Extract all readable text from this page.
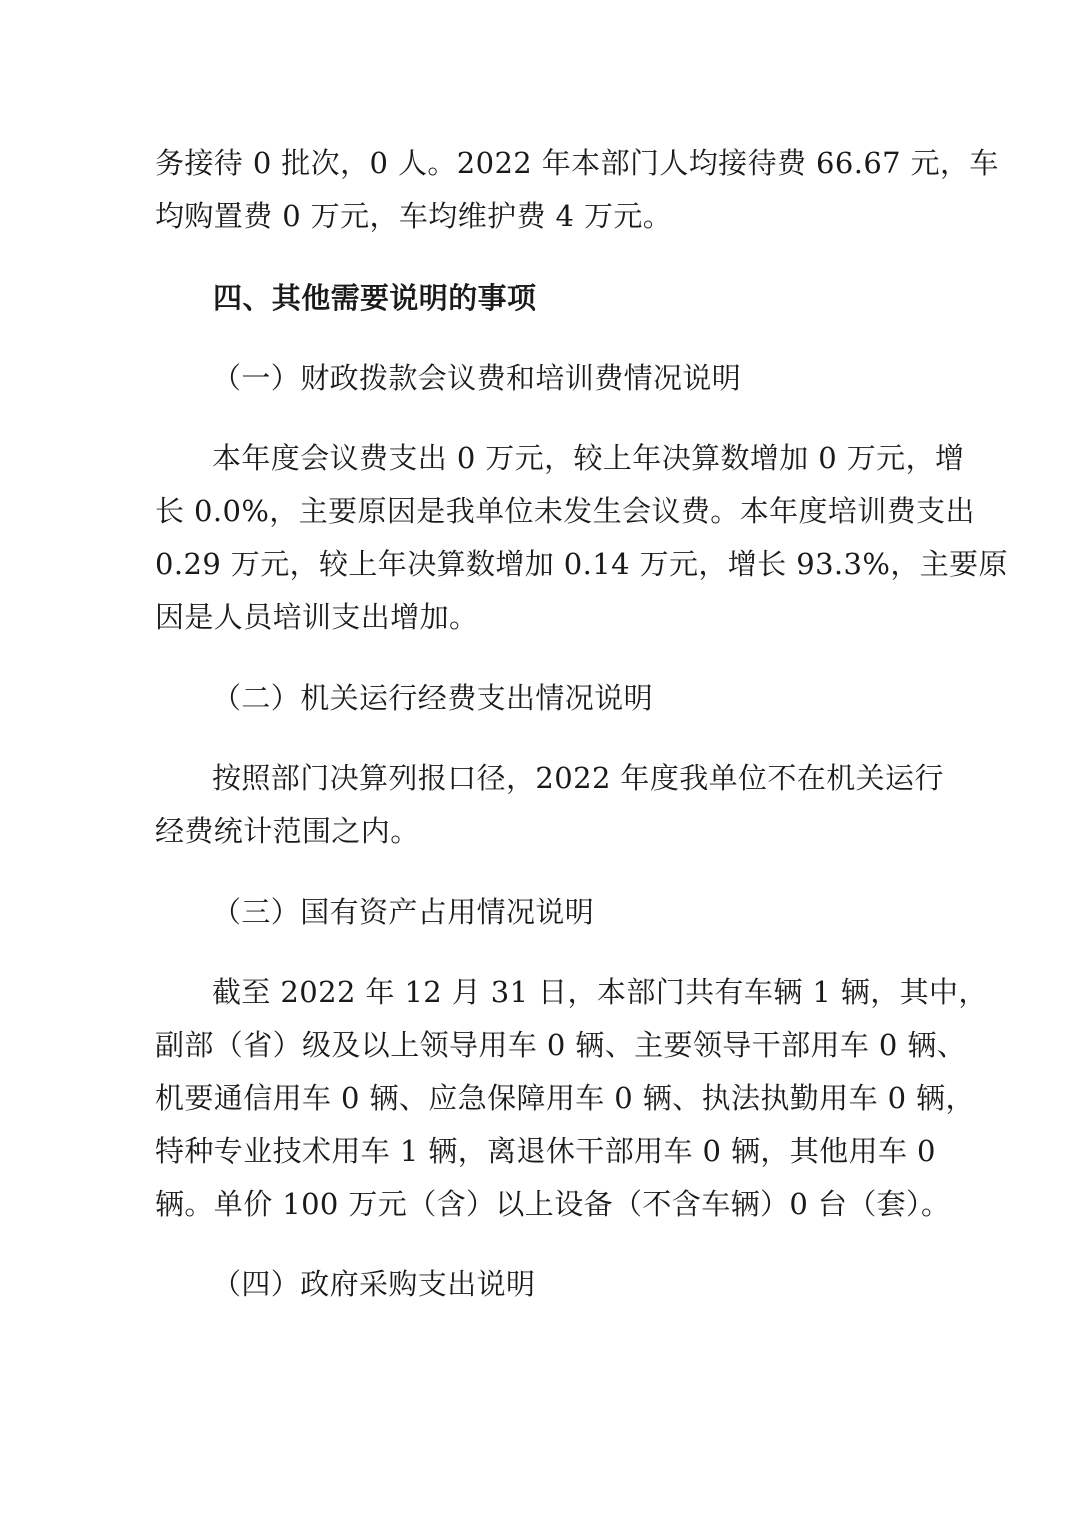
务接待 0 批次，0 人。2022 年本部门人均接待费 66.67 元，车
均购置费 0 万元，车均维护费 4 万元。
四、其他需要说明的事项
（一）财政拨款会议费和培训费情况说明
本年度会议费支出 0 万元，较上年决算数增加 0 万元，增
长 0.0%，主要原因是我单位未发生会议费。本年度培训费支出
0.29 万元，较上年决算数增加 0.14 万元，增长 93.3%，主要原
因是人员培训支出增加。
（二）机关运行经费支出情况说明
按照部门决算列报口径，2022 年度我单位不在机关运行
经费统计范围之内。
（三）国有资产占用情况说明
截至 2022 年 12 月 31 日，本部门共有车辆 1 辆，其中，
副部（省）级及以上领导用车 0 辆、主要领导干部用车 0 辆、
机要通信用车 0 辆、应急保障用车 0 辆、执法执勤用车 0 辆，
特种专业技术用车 1 辆，离退休干部用车 0 辆，其他用车 0
辆。单价 100 万元（含）以上设备（不含车辆）0 台（套）。
（四）政府采购支出说明
